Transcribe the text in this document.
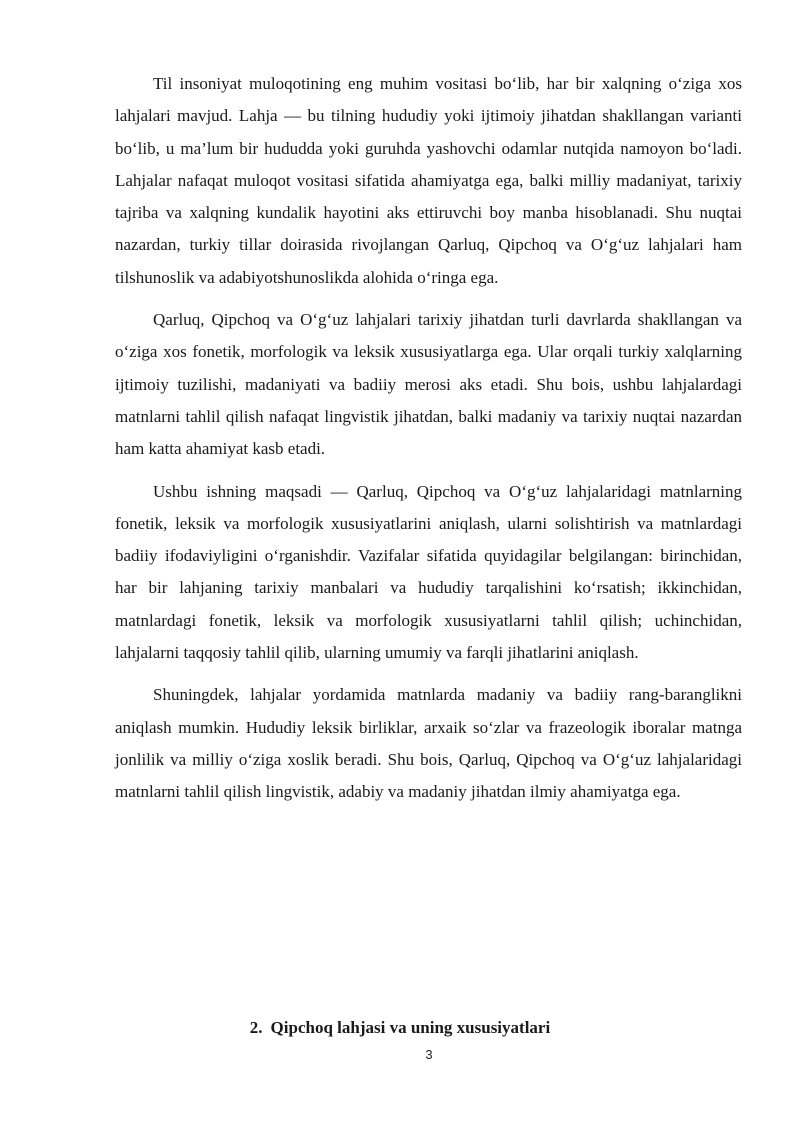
Til insoniyat muloqotining eng muhim vositasi bo‘lib, har bir xalqning o‘ziga xos lahjalari mavjud. Lahja — bu tilning hududiy yoki ijtimoiy jihatdan shakllangan varianti bo‘lib, u ma’lum bir hududda yoki guruhda yashovchi odamlar nutqida namoyon bo‘ladi. Lahjalar nafaqat muloqot vositasi sifatida ahamiyatga ega, balki milliy madaniyat, tarixiy tajriba va xalqning kundalik hayotini aks ettiruvchi boy manba hisoblanadi. Shu nuqtai nazardan, turkiy tillar doirasida rivojlangan Qarluq, Qipchoq va O‘g‘uz lahjalari ham tilshunoslik va adabiyotshunoslikda alohida o‘ringa ega.

Qarluq, Qipchoq va O‘g‘uz lahjalari tarixiy jihatdan turli davrlarda shakllangan va o‘ziga xos fonetik, morfologik va leksik xususiyatlarga ega. Ular orqali turkiy xalqlarning ijtimoiy tuzilishi, madaniyati va badiiy merosi aks etadi. Shu bois, ushbu lahjalardagi matnlarni tahlil qilish nafaqat lingvistik jihatdan, balki madaniy va tarixiy nuqtai nazardan ham katta ahamiyat kasb etadi.

Ushbu ishning maqsadi — Qarluq, Qipchoq va O‘g‘uz lahjalaridagi matnlarning fonetik, leksik va morfologik xususiyatlarini aniqlash, ularni solishtirish va matnlardagi badiiy ifodaviyligini o‘rganishdir. Vazifalar sifatida quyidagilar belgilangan: birinchidan, har bir lahjaning tarixiy manbalari va hududiy tarqalishini ko‘rsatish; ikkinchidan, matnlardagi fonetik, leksik va morfologik xususiyatlarni tahlil qilish; uchinchidan, lahjalarni taqqosiy tahlil qilib, ularning umumiy va farqli jihatlarini aniqlash.

Shuningdek, lahjalar yordamida matnlarda madaniy va badiiy rang-baranglikni aniqlash mumkin. Hududiy leksik birliklar, arxaik so‘zlar va frazeologik iboralar matnga jonlilik va milliy o‘ziga xoslik beradi. Shu bois, Qarluq, Qipchoq va O‘g‘uz lahjalaridagi matnlarni tahlil qilish lingvistik, adabiy va madaniy jihatdan ilmiy ahamiyatga ega.

2. Qipchoq lahjasi va uning xususiyatlari
3
